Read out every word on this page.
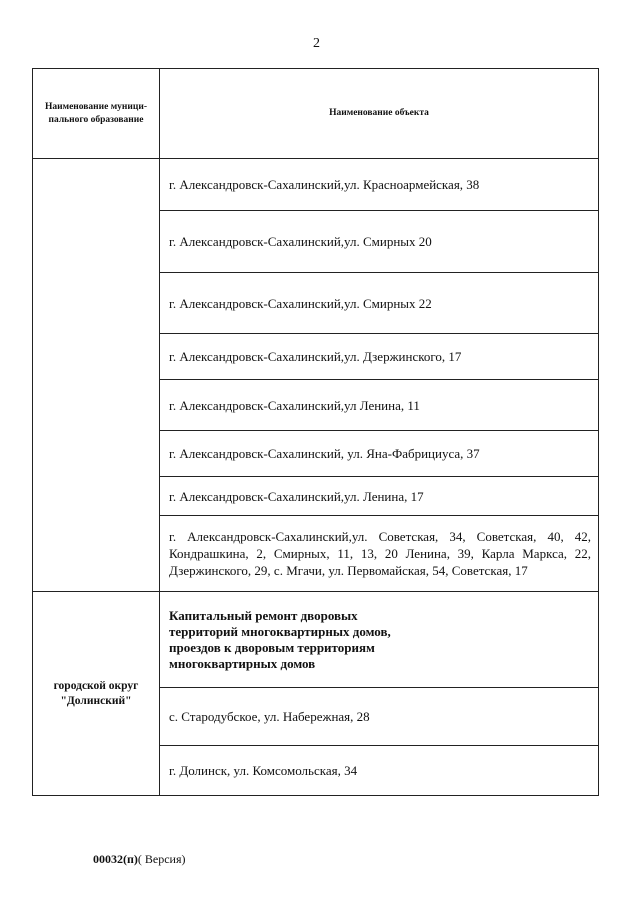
2
Наименование муници-пального образование	Наименование объекта
	г. Александровск-Сахалинский,ул. Красноармейская, 38
	г. Александровск-Сахалинский,ул. Смирных 20
	г. Александровск-Сахалинский,ул. Смирных 22
	г. Александровск-Сахалинский,ул. Дзержинского, 17
	г. Александровск-Сахалинский,ул Ленина, 11
	г. Александровск-Сахалинский, ул. Яна-Фабрициуса, 37
	г. Александровск-Сахалинский,ул. Ленина, 17
	г. Александровск-Сахалинский,ул. Советская, 34, Советская, 40, 42, Кондрашкина, 2, Смирных, 11, 13, 20 Ленина, 39, Карла Маркса, 22, Дзержинского, 29, с. Мгачи, ул. Первомайская, 54, Советская, 17
городской округ "Долинский"	Капитальный ремонт дворовых территорий многоквартирных домов, проездов к дворовым территориям многоквартирных домов

	с. Стародубское, ул. Набережная, 28
	г. Долинск, ул. Комсомольская, 34
00032(п)( Версия)
